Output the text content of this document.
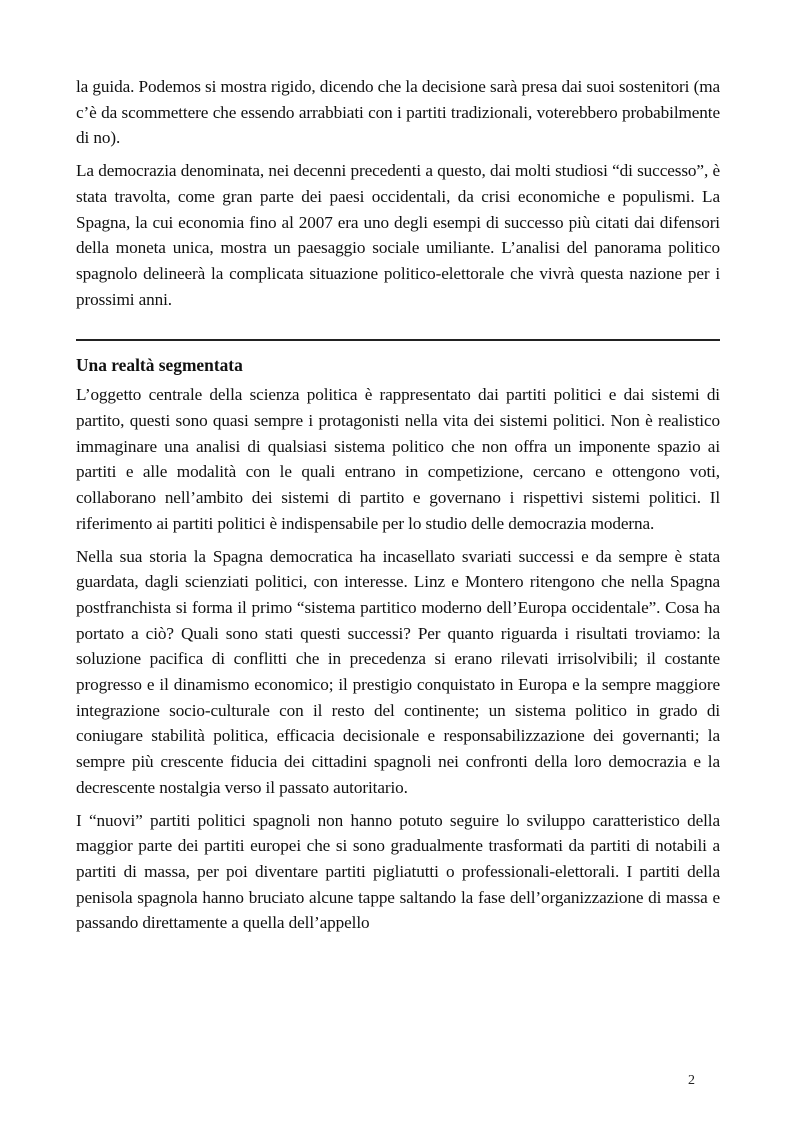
la guida. Podemos si mostra rigido, dicendo che la decisione sarà presa dai suoi sostenitori (ma c’è da scommettere che essendo arrabbiati con i partiti tradizionali, voterebbero probabilmente di no).

La democrazia denominata, nei decenni precedenti a questo, dai molti studiosi “di successo”, è stata travolta, come gran parte dei paesi occidentali, da crisi economiche e populismi. La Spagna, la cui economia fino al 2007 era uno degli esempi di successo più citati dai difensori della moneta unica, mostra un paesaggio sociale umiliante. L’analisi del panorama politico spagnolo delineerà la complicata situazione politico-elettorale che vivrà questa nazione per i prossimi anni.

Una realtà segmentata

L’oggetto centrale della scienza politica è rappresentato dai partiti politici e dai sistemi di partito, questi sono quasi sempre i protagonisti nella vita dei sistemi politici. Non è realistico immaginare una analisi di qualsiasi sistema politico che non offra un imponente spazio ai partiti e alle modalità con le quali entrano in competizione, cercano e ottengono voti, collaborano nell’ambito dei sistemi di partito e governano i rispettivi sistemi politici. Il riferimento ai partiti politici è indispensabile per lo studio delle democrazia moderna.

Nella sua storia la Spagna democratica ha incasellato svariati successi e da sempre è stata guardata, dagli scienziati politici, con interesse. Linz e Montero ritengono che nella Spagna postfranchista si forma il primo “sistema partitico moderno dell’Europa occidentale”. Cosa ha portato a ciò? Quali sono stati questi successi? Per quanto riguarda i risultati troviamo: la soluzione pacifica di conflitti che in precedenza si erano rilevati irrisolvibili; il costante progresso e il dinamismo economico; il prestigio conquistato in Europa e la sempre maggiore integrazione socio-culturale con il resto del continente; un sistema politico in grado di coniugare stabilità politica, efficacia decisionale e responsabilizzazione dei governanti; la sempre più crescente fiducia dei cittadini spagnoli nei confronti della loro democrazia e la decrescente nostalgia verso il passato autoritario.

I “nuovi” partiti politici spagnoli non hanno potuto seguire lo sviluppo caratteristico della maggior parte dei partiti europei che si sono gradualmente trasformati da partiti di notabili a partiti di massa, per poi diventare partiti pigliatutti o professionali-elettorali. I partiti della penisola spagnola hanno bruciato alcune tappe saltando la fase dell’organizzazione di massa e passando direttamente a quella dell’appello

2
